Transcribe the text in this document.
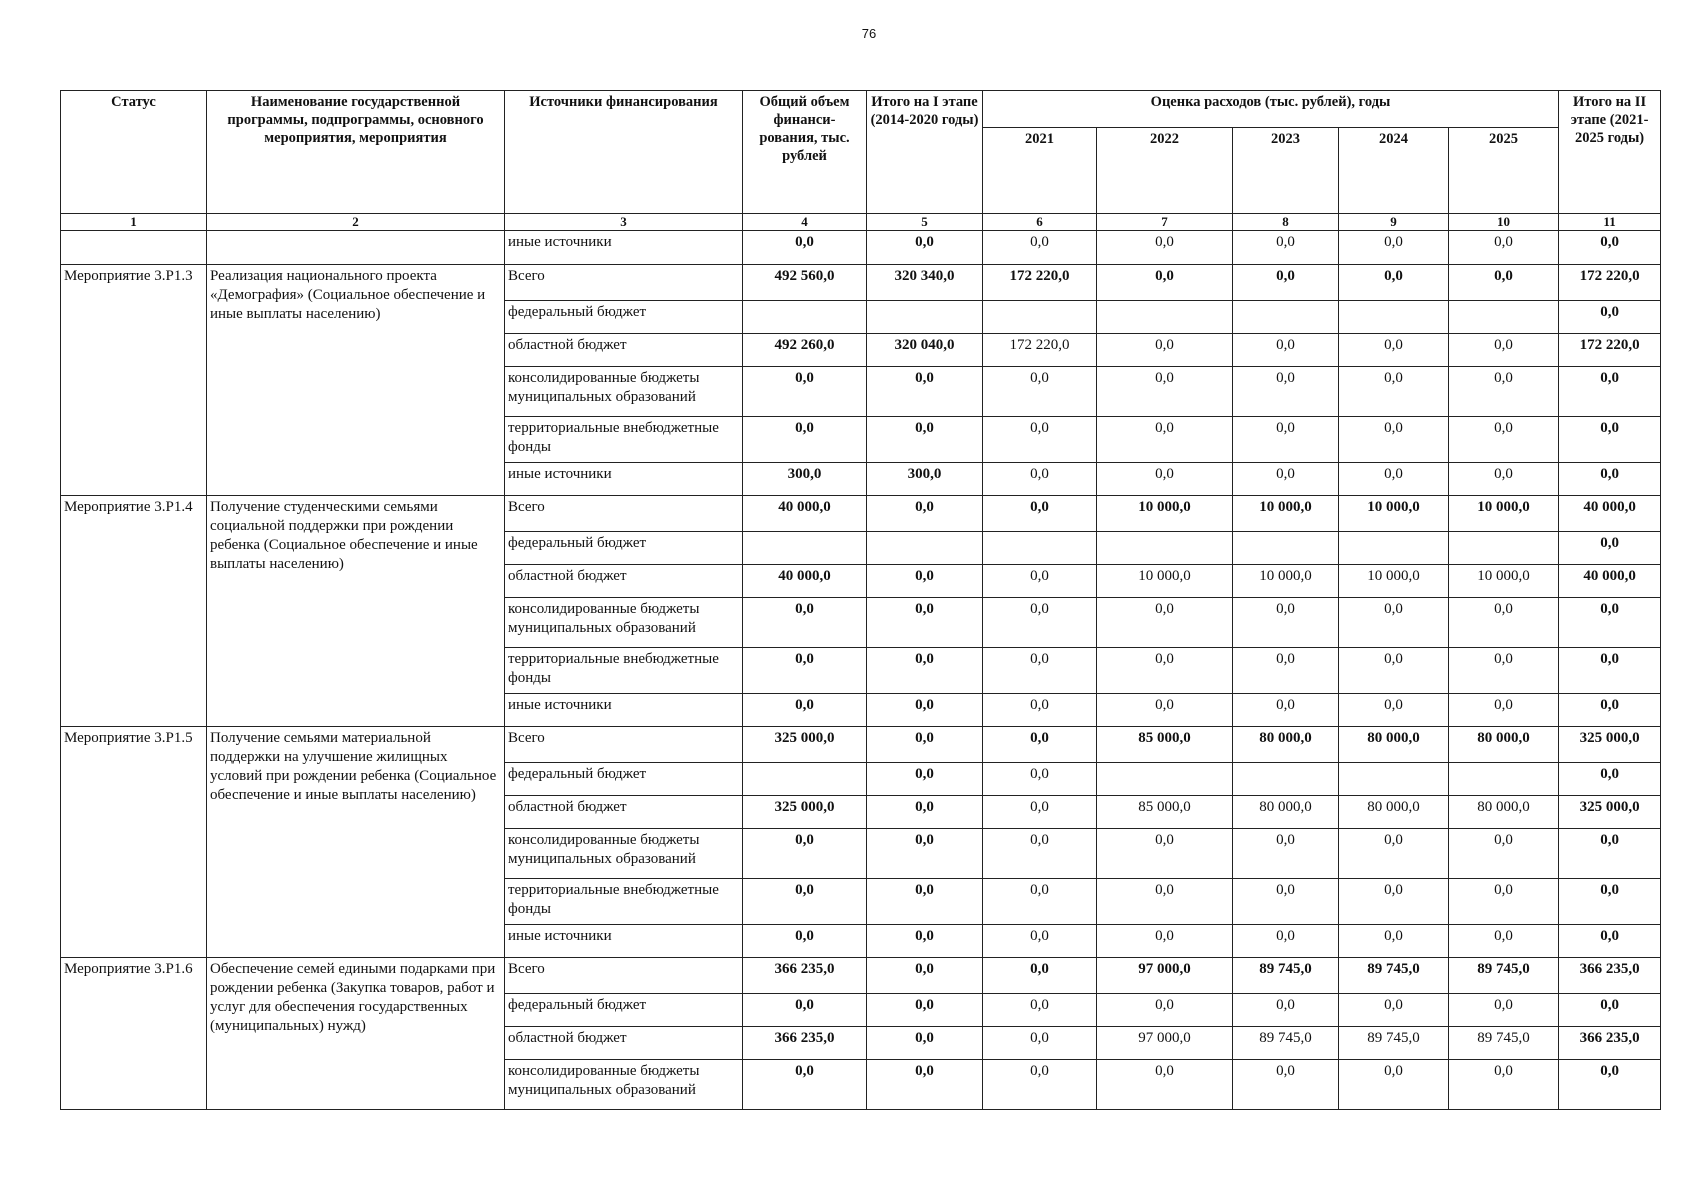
76
Статус	Наименование государственной программы, подпрограммы, основного мероприятия, мероприятия	Источники финансирования	Общий объем финанси-рования, тыс. рублей	Итого на I этапе (2014-2020 годы)	Оценка расходов (тыс. рублей), годы					Итого на II этапе (2021-2025 годы)
					2021	2022	2023	2024	2025	
1	2	3	4	5	6	7	8	9	10	11
		иные источники	0,0	0,0	0,0	0,0	0,0	0,0	0,0	0,0
Мероприятие 3.Р1.3	Реализация национального проекта «Демография» (Социальное обеспечение и иные выплаты населению)	Всего	492 560,0	320 340,0	172 220,0	0,0	0,0	0,0	0,0	172 220,0
		федеральный бюджет								0,0
		областной бюджет	492 260,0	320 040,0	172 220,0	0,0	0,0	0,0	0,0	172 220,0
		консолидированные бюджеты муниципальных образований	0,0	0,0	0,0	0,0	0,0	0,0	0,0	0,0
		территориальные внебюджетные фонды	0,0	0,0	0,0	0,0	0,0	0,0	0,0	0,0
		иные источники	300,0	300,0	0,0	0,0	0,0	0,0	0,0	0,0
Мероприятие 3.Р1.4	Получение студенческими семьями социальной поддержки при рождении ребенка (Социальное обеспечение и иные выплаты населению)	Всего	40 000,0	0,0	0,0	10 000,0	10 000,0	10 000,0	10 000,0	40 000,0
		федеральный бюджет								0,0
		областной бюджет	40 000,0	0,0	0,0	10 000,0	10 000,0	10 000,0	10 000,0	40 000,0
		консолидированные бюджеты муниципальных образований	0,0	0,0	0,0	0,0	0,0	0,0	0,0	0,0
		территориальные внебюджетные фонды	0,0	0,0	0,0	0,0	0,0	0,0	0,0	0,0
		иные источники	0,0	0,0	0,0	0,0	0,0	0,0	0,0	0,0
Мероприятие 3.Р1.5	Получение семьями материальной поддержки на улучшение жилищных условий при рождении ребенка (Социальное обеспечение и иные выплаты населению)	Всего	325 000,0	0,0	0,0	85 000,0	80 000,0	80 000,0	80 000,0	325 000,0
		федеральный бюджет		0,0	0,0					0,0
		областной бюджет	325 000,0	0,0	0,0	85 000,0	80 000,0	80 000,0	80 000,0	325 000,0
		консолидированные бюджеты муниципальных образований	0,0	0,0	0,0	0,0	0,0	0,0	0,0	0,0
		территориальные внебюджетные фонды	0,0	0,0	0,0	0,0	0,0	0,0	0,0	0,0
		иные источники	0,0	0,0	0,0	0,0	0,0	0,0	0,0	0,0
Мероприятие 3.Р1.6	Обеспечение семей едиными подарками при рождении ребенка (Закупка товаров, работ и услуг для обеспечения государственных (муниципальных) нужд)	Всего	366 235,0	0,0	0,0	97 000,0	89 745,0	89 745,0	89 745,0	366 235,0
		федеральный бюджет	0,0	0,0	0,0	0,0	0,0	0,0	0,0	0,0
		областной бюджет	366 235,0	0,0	0,0	97 000,0	89 745,0	89 745,0	89 745,0	366 235,0
		консолидированные бюджеты муниципальных образований	0,0	0,0	0,0	0,0	0,0	0,0	0,0	0,0
